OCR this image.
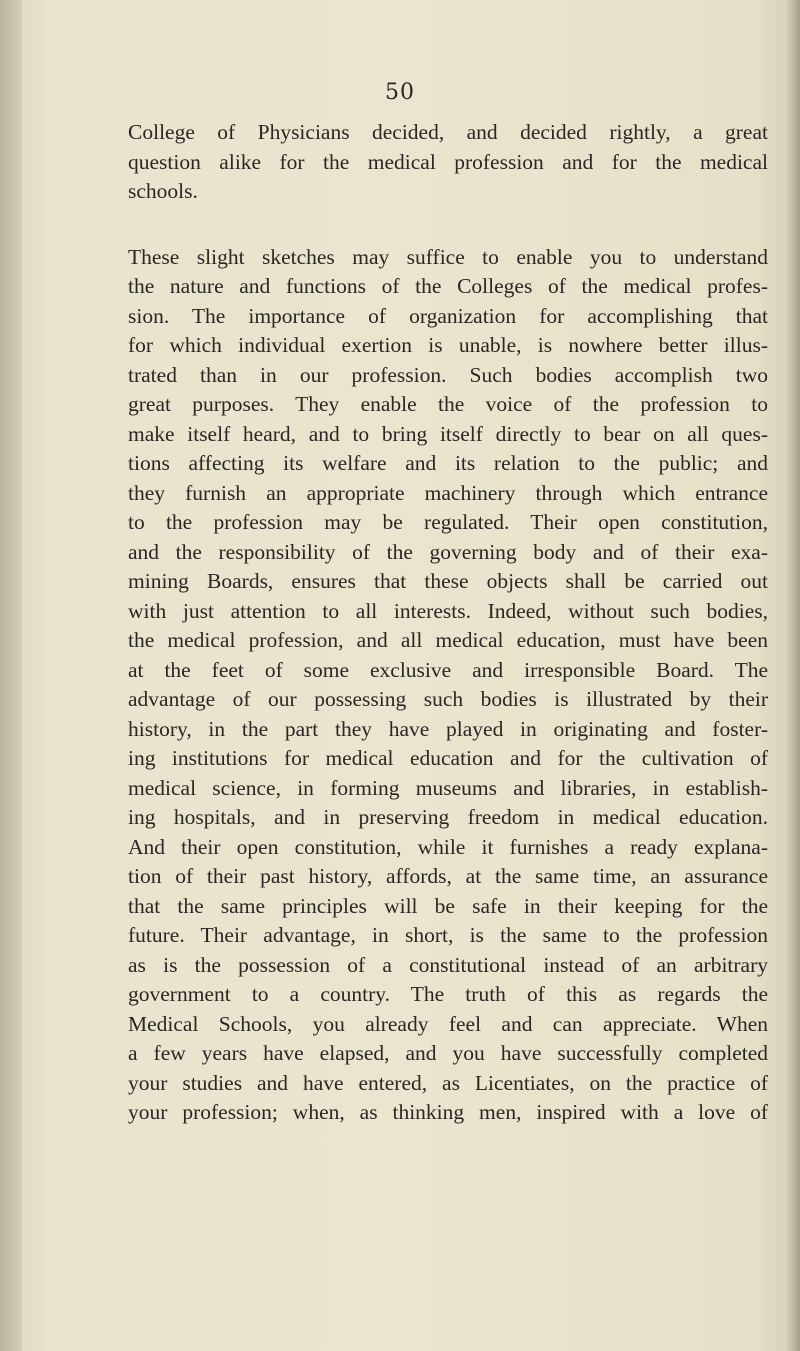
50
College of Physicians decided, and decided rightly, a great
question alike for the medical profession and for the medical
schools.
These slight sketches may suffice to enable you to understand
the nature and functions of the Colleges of the medical profes-
sion. The importance of organization for accomplishing that
for which individual exertion is unable, is nowhere better illus-
trated than in our profession. Such bodies accomplish two
great purposes. They enable the voice of the profession to
make itself heard, and to bring itself directly to bear on all ques-
tions affecting its welfare and its relation to the public; and
they furnish an appropriate machinery through which entrance
to the profession may be regulated. Their open constitution,
and the responsibility of the governing body and of their exa-
mining Boards, ensures that these objects shall be carried out
with just attention to all interests. Indeed, without such bodies,
the medical profession, and all medical education, must have been
at the feet of some exclusive and irresponsible Board. The
advantage of our possessing such bodies is illustrated by their
history, in the part they have played in originating and foster-
ing institutions for medical education and for the cultivation of
medical science, in forming museums and libraries, in establish-
ing hospitals, and in preserving freedom in medical education.
And their open constitution, while it furnishes a ready explana-
tion of their past history, affords, at the same time, an assurance
that the same principles will be safe in their keeping for the
future. Their advantage, in short, is the same to the profession
as is the possession of a constitutional instead of an arbitrary
government to a country. The truth of this as regards the
Medical Schools, you already feel and can appreciate. When
a few years have elapsed, and you have successfully completed
your studies and have entered, as Licentiates, on the practice of
your profession; when, as thinking men, inspired with a love of
